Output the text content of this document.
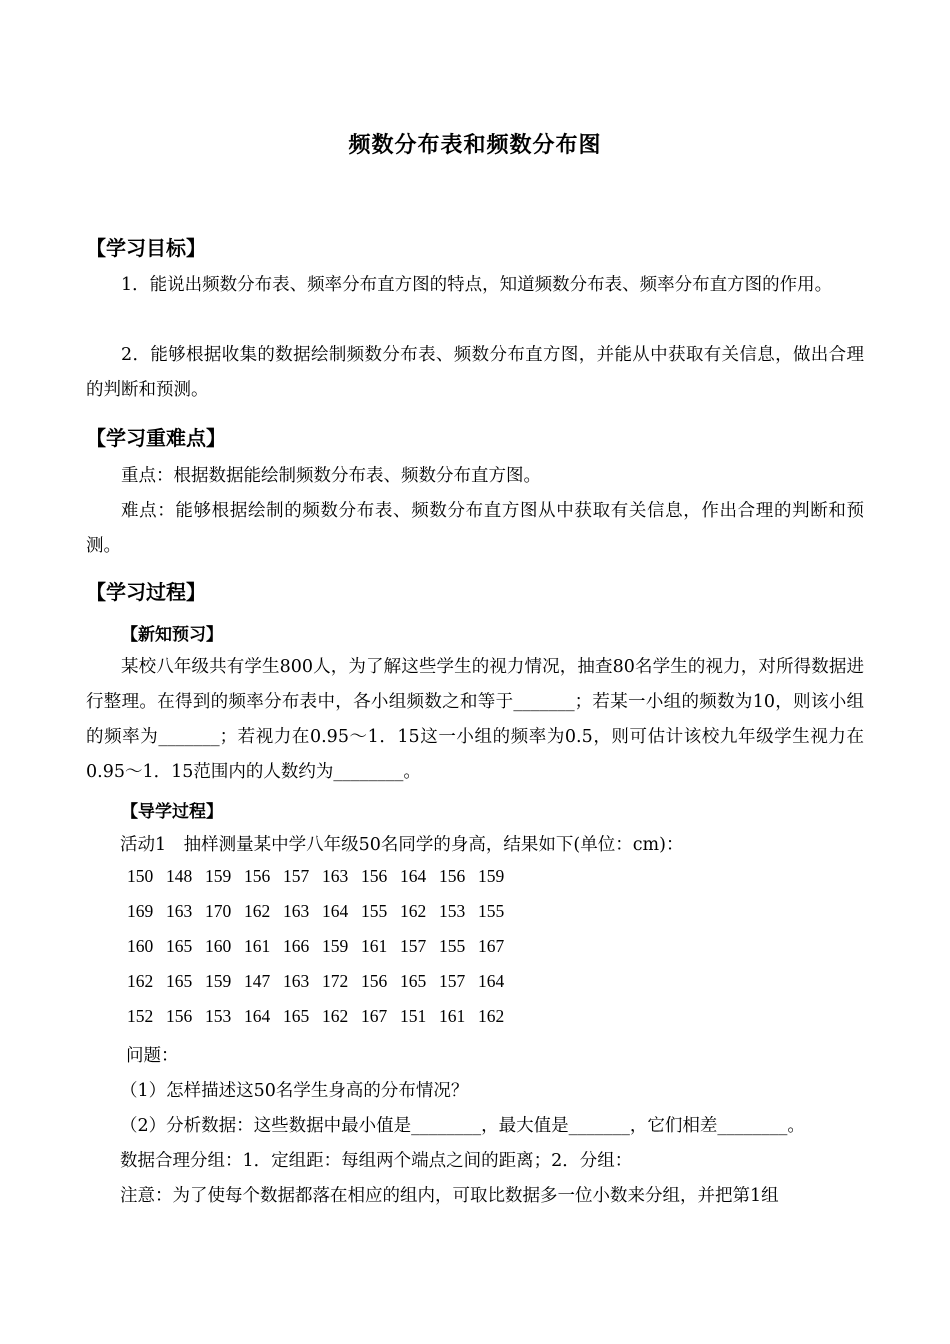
频数分布表和频数分布图
【学习目标】
1．能说出频数分布表、频率分布直方图的特点，知道频数分布表、频率分布直方图的作用。
2．能够根据收集的数据绘制频数分布表、频数分布直方图，并能从中获取有关信息，做出合理的判断和预测。
【学习重难点】
重点：根据数据能绘制频数分布表、频数分布直方图。
难点：能够根据绘制的频数分布表、频数分布直方图从中获取有关信息，作出合理的判断和预测。
【学习过程】
【新知预习】
某校八年级共有学生800人，为了解这些学生的视力情况，抽查80名学生的视力，对所得数据进行整理。在得到的频率分布表中，各小组频数之和等于_______；若某一小组的频数为10，则该小组的频率为_______；若视力在0.95～1．15这一小组的频率为0.5，则可估计该校九年级学生视力在0.95～1．15范围内的人数约为________。
【导学过程】
活动1　抽样测量某中学八年级50名同学的身高，结果如下(单位：cm)：
150  148  159  156  157  163  156  164  156  159
169  163  170  162  163  164  155  162  153  155
160  165  160  161  166  159  161  157  155  167
162  165  159  147  163  172  156  165  157  164
152  156  153  164  165  162  167  151  161  162
问题：
（1）怎样描述这50名学生身高的分布情况？
（2）分析数据：这些数据中最小值是________，最大值是_______，它们相差________。
数据合理分组：1．定组距：每组两个端点之间的距离；2．分组：
注意：为了使每个数据都落在相应的组内，可取比数据多一位小数来分组，并把第1组
